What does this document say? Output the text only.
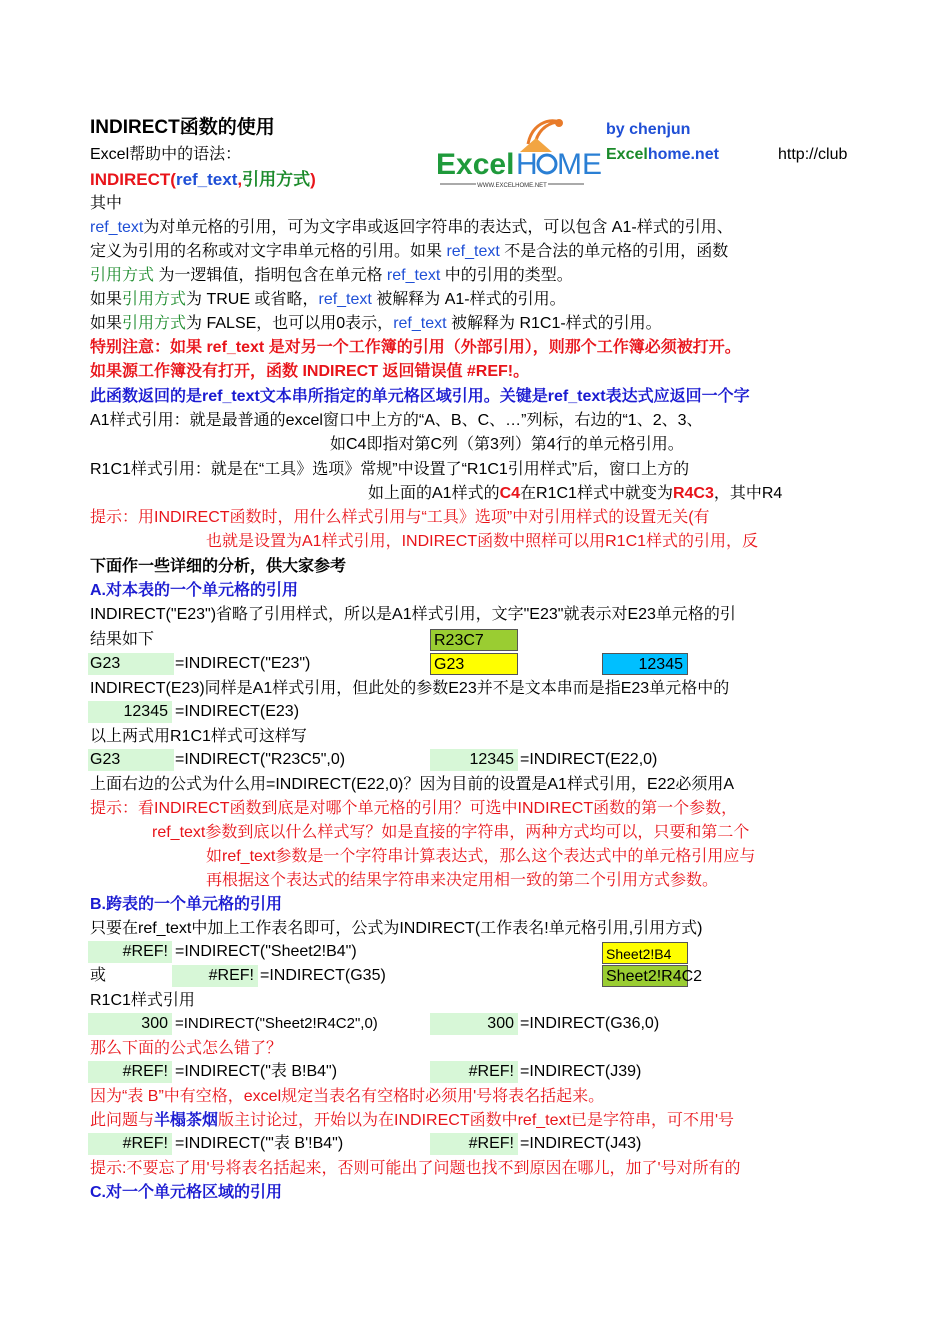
Excel H ME
WWW.EXCELHOME.NET
INDIRECT函数的使用	by chenjun
Excel帮助中的语法：	Excelhome.net	http://club
INDIRECT(ref_text,引用方式)
其中
ref_text为对单元格的引用，可为文字串或返回字符串的表达式，可以包含 A1-样式的引用、
定义为引用的名称或对文字串单元格的引用。如果 ref_text 不是合法的单元格的引用，函数
引用方式 为一逻辑值，指明包含在单元格 ref_text 中的引用的类型。
如果引用方式为 TRUE 或省略，ref_text 被解释为 A1-样式的引用。
如果引用方式为 FALSE，也可以用0表示，ref_text 被解释为 R1C1-样式的引用。
特别注意：如果 ref_text 是对另一个工作簿的引用（外部引用），则那个工作簿必须被打开。
如果源工作簿没有打开，函数 INDIRECT 返回错误值 #REF!。
此函数返回的是ref_text文本串所指定的单元格区域引用。关键是ref_text表达式应返回一个字
A1样式引用：就是最普通的excel窗口中上方的“A、B、C、…”列标，右边的“1、2、3、
如C4即指对第C列（第3列）第4行的单元格引用。
R1C1样式引用：就是在“工具》选项》常规”中设置了“R1C1引用样式”后，窗口上方的
如上面的A1样式的C4在R1C1样式中就变为R4C3，其中R4
提示：用INDIRECT函数时，用什么样式引用与“工具》选项”中对引用样式的设置无关(有
也就是设置为A1样式引用，INDIRECT函数中照样可以用R1C1样式的引用，反
下面作一些详细的分析，供大家参考
A.对本表的一个单元格的引用
INDIRECT("E23")省略了引用样式，所以是A1样式引用，文字"E23"就表示对E23单元格的引
结果如下	R23C7
G23	=INDIRECT("E23")	G23	12345
INDIRECT(E23)同样是A1样式引用，但此处的参数E23并不是文本串而是指E23单元格中的
12345 =INDIRECT(E23)
以上两式用R1C1样式可这样写
G23	=INDIRECT("R23C5",0)	12345 =INDIRECT(E22,0)
上面右边的公式为什么用=INDIRECT(E22,0)？因为目前的设置是A1样式引用，E22必须用A
提示：看INDIRECT函数到底是对哪个单元格的引用？可选中INDIRECT函数的第一个参数，
ref_text参数到底以什么样式写？如是直接的字符串，两种方式均可以，只要和第二个
如ref_text参数是一个字符串计算表达式，那么这个表达式中的单元格引用应与
再根据这个表达式的结果字符串来决定用相一致的第二个引用方式参数。
B.跨表的一个单元格的引用
只要在ref_text中加上工作表名即可，公式为INDIRECT(工作表名!单元格引用,引用方式)
#REF! =INDIRECT("Sheet2!B4")	Sheet2!B4
或	#REF! =INDIRECT(G35)	Sheet2!R4C2
R1C1样式引用
300 =INDIRECT("Sheet2!R4C2",0)	300 =INDIRECT(G36,0)
那么下面的公式怎么错了？
#REF! =INDIRECT("表 B!B4")	#REF! =INDIRECT(J39)
因为“表 B”中有空格，excel规定当表名有空格时必须用'号将表名括起来。
此问题与半榻茶烟版主讨论过，开始以为在INDIRECT函数中ref_text已是字符串，可不用'号
#REF! =INDIRECT("'表 B'!B4")	#REF! =INDIRECT(J43)
提示:不要忘了用'号将表名括起来，否则可能出了问题也找不到原因在哪儿，加了'号对所有的
C.对一个单元格区域的引用
